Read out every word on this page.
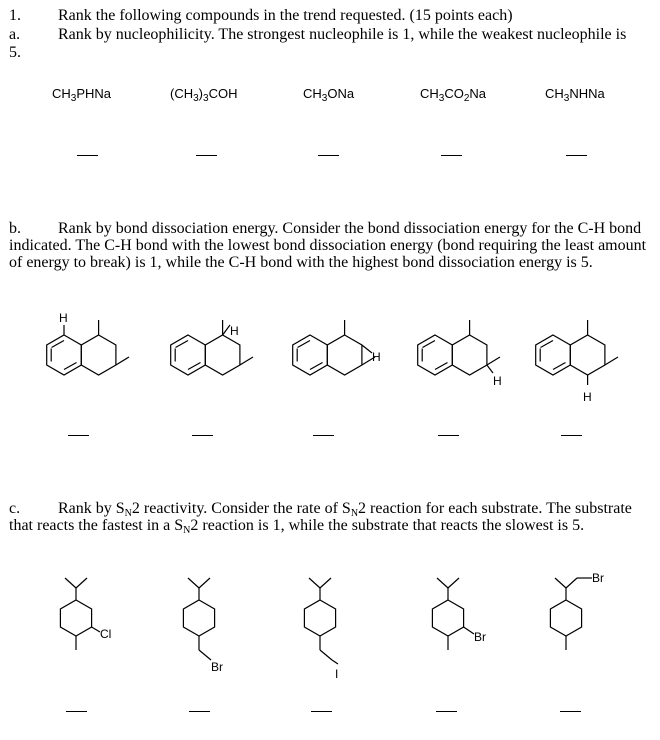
1. Rank the following compounds in the trend requested. (15 points each)
a. Rank by nucleophilicity. The strongest nucleophile is 1, while the weakest nucleophile is
5.
$CH_3PHNa$	$(CH_3)_3COH$	$CH_3ONa$	$CH_3CO_2Na$	$CH_3NHNa$
b. Rank by bond dissociation energy. Consider the bond dissociation energy for the C-H bond indicated. The C-H bond with the lowest bond dissociation energy (bond requiring the least amount of energy to break) is 1, while the C-H bond with the highest bond dissociation energy is 5.
c. Rank by $S_N2$ reactivity. Consider the rate of $S_N2$ reaction for each substrate. The substrate that reacts the fastest in a $S_N2$ reaction is 1, while the substrate that reacts the slowest is 5.
H
H
H
H
H
Cl
Br	I
Br
Br
